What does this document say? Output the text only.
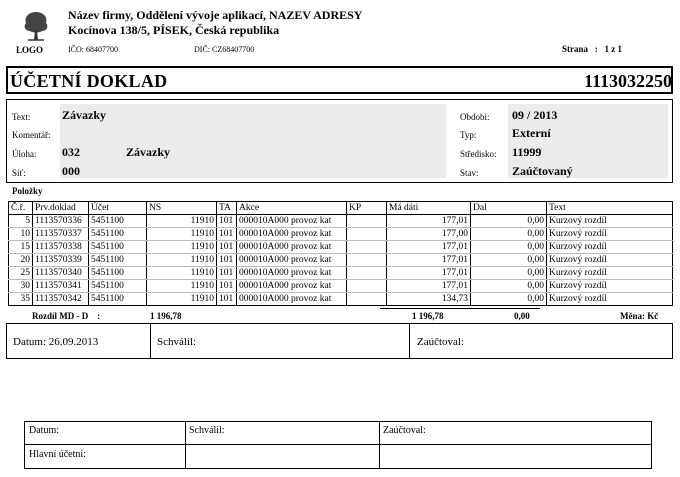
LOGO
Název firmy, Oddělení vývoje aplikací, NAZEV ADRESY
Kocínova 138/5, PÍSEK, Česká republika
IČO: 68407700	DIČ: CZ68407700	Strana   :   1 z 1
ÚČETNÍ DOKLAD	1113032250
Text:	Závazky
Komentář:
Úloha: 032	Závazky
Síť:	000
Období: 09 / 2013
Typ:	Externí
Středisko: 11999
Stav:	Zaúčtovaný
Položky
Č.ř.	Prv.doklad	Účet	NS	TA	Akce	KP	Má dáti	Dal	Text
5	1113570336	5451100	11910	101	000010A000 provoz kat		177,01	0,00	Kurzový rozdíl
10	1113570337	5451100	11910	101	000010A000 provoz kat		177,00	0,00	Kurzový rozdíl
15	1113570338	5451100	11910	101	000010A000 provoz kat		177,01	0,00	Kurzový rozdíl
20	1113570339	5451100	11910	101	000010A000 provoz kat		177,01	0,00	Kurzový rozdíl
25	1113570340	5451100	11910	101	000010A000 provoz kat		177,01	0,00	Kurzový rozdíl
30	1113570341	5451100	11910	101	000010A000 provoz kat		177,01	0,00	Kurzový rozdíl
35	1113570342	5451100	11910	101	000010A000 provoz kat		134,73	0,00	Kurzový rozdíl
Rozdíl MD - D    :	1 196,78	1 196,78	0,00	Měna: Kč
Datum: 26.09.2013	Schválil:	Zaúčtoval:
Datum:	Schválil:	Zaúčtoval:
Hlavní účetní:
